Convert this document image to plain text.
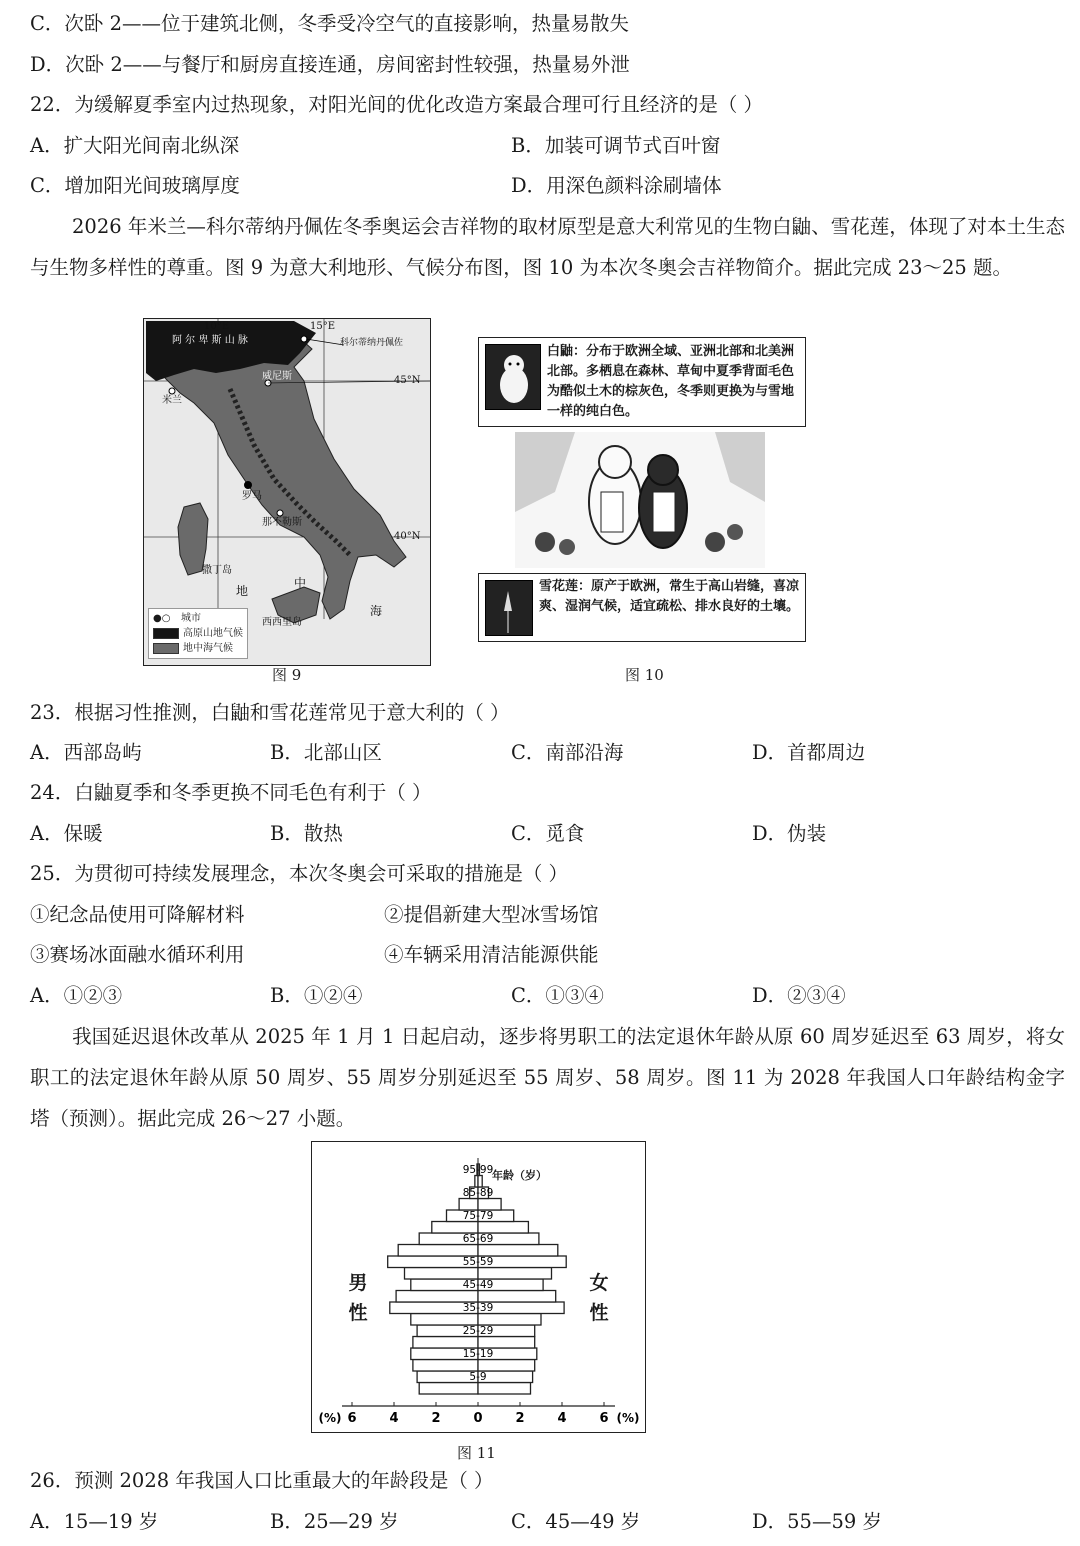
C．次卧 2——位于建筑北侧，冬季受冷空气的直接影响，热量易散失
D．次卧 2——与餐厅和厨房直接连通，房间密封性较强，热量易外泄
22．为缓解夏季室内过热现象，对阳光间的优化改造方案最合理可行且经济的是（ ）
A．扩大阳光间南北纵深	B．加装可调节式百叶窗
C．增加阳光间玻璃厚度	D．用深色颜料涂刷墙体
2026 年米兰—科尔蒂纳丹佩佐冬季奥运会吉祥物的取材原型是意大利常见的生物白鼬、雪花莲，体现了对本土生态与生物多样性的尊重。图 9 为意大利地形、气候分布图，图 10 为本次冬奥会吉祥物简介。据此完成 23～25 题。
10°E	15°E
阿 尔 卑 斯 山 脉	科尔蒂纳丹佩佐
米兰
威尼斯	45°N
40°N
罗马
那不勒斯
撒丁岛
西西里岛
地
中
海
●○ 城市
高原山地气候
地中海气候
图 9
白鼬：分布于欧洲全域、亚洲北部和北美洲北部。多栖息在森林、草甸中夏季背面毛色为酷似土木的棕灰色，冬季则更换为与雪地一样的纯白色。
雪花莲：原产于欧洲，常生于高山岩缝，喜凉爽、湿润气候，适宜疏松、排水良好的土壤。
图 10
23．根据习性推测，白鼬和雪花莲常见于意大利的（ ）
A．西部岛屿	B．北部山区	C．南部沿海	D．首都周边
24．白鼬夏季和冬季更换不同毛色有利于（ ）
A．保暖	B．散热	C．觅食	D．伪装
25．为贯彻可持续发展理念，本次冬奥会可采取的措施是（ ）
①纪念品使用可降解材料	②提倡新建大型冰雪场馆
③赛场冰面融水循环利用	④车辆采用清洁能源供能
A．①②③	B．①②④	C．①③④	D．②③④
我国延迟退休改革从 2025 年 1 月 1 日起启动，逐步将男职工的法定退休年龄从原 60 周岁延迟至 63 周岁，将女职工的法定退休年龄从原 50 周岁、55 周岁分别延迟至 55 周岁、58 周岁。图 11 为 2028 年我国人口年龄结构金字塔（预测）。据此完成 26～27 小题。
5-9
15-19
25-29
35-39
45-49
55-59
65-69
75-79
85-89
95-99
6	4	2	0	2	4	6
(%)	(%)
年龄（岁）
男
性
女
性
图 11
26．预测 2028 年我国人口比重最大的年龄段是（ ）
A．15—19 岁	B．25—29 岁	C．45—49 岁	D．55—59 岁
